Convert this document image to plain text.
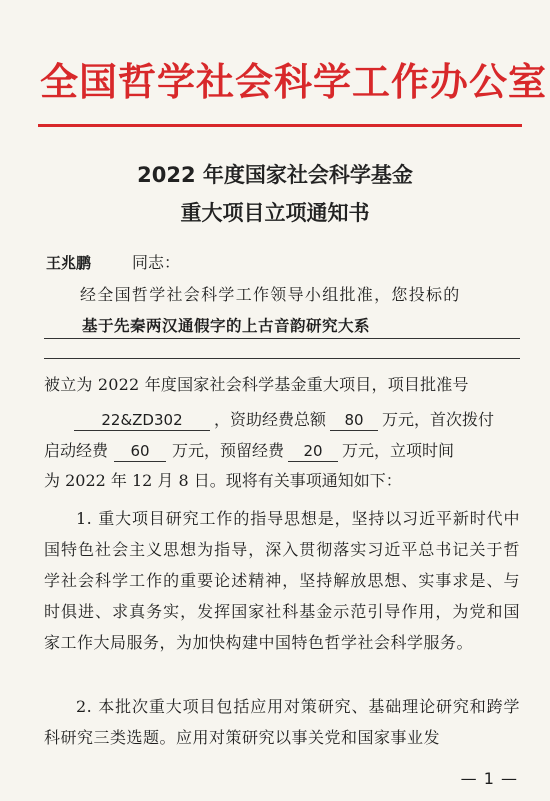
全国哲学社会科学工作办公室
2022 年度国家社会科学基金
重大项目立项通知书
王兆鹏	同志：
经全国哲学社会科学工作领导小组批准，您投标的
基于先秦两汉通假字的上古音韵研究大系
被立为 2022 年度国家社会科学基金重大项目，项目批准号
22&ZD302 ，资助经费总额 80 万元，首次拨付
启动经费 60 万元，预留经费 20 万元，立项时间
为 2022 年 12 月 8 日。现将有关事项通知如下：
1. 重大项目研究工作的指导思想是，坚持以习近平新时代中国特色社会主义思想为指导，深入贯彻落实习近平总书记关于哲学社会科学工作的重要论述精神，坚持解放思想、实事求是、与时俱进、求真务实，发挥国家社科基金示范引导作用，为党和国家工作大局服务，为加快构建中国特色哲学社会科学服务。
2. 本批次重大项目包括应用对策研究、基础理论研究和跨学科研究三类选题。应用对策研究以事关党和国家事业发
— 1 —
